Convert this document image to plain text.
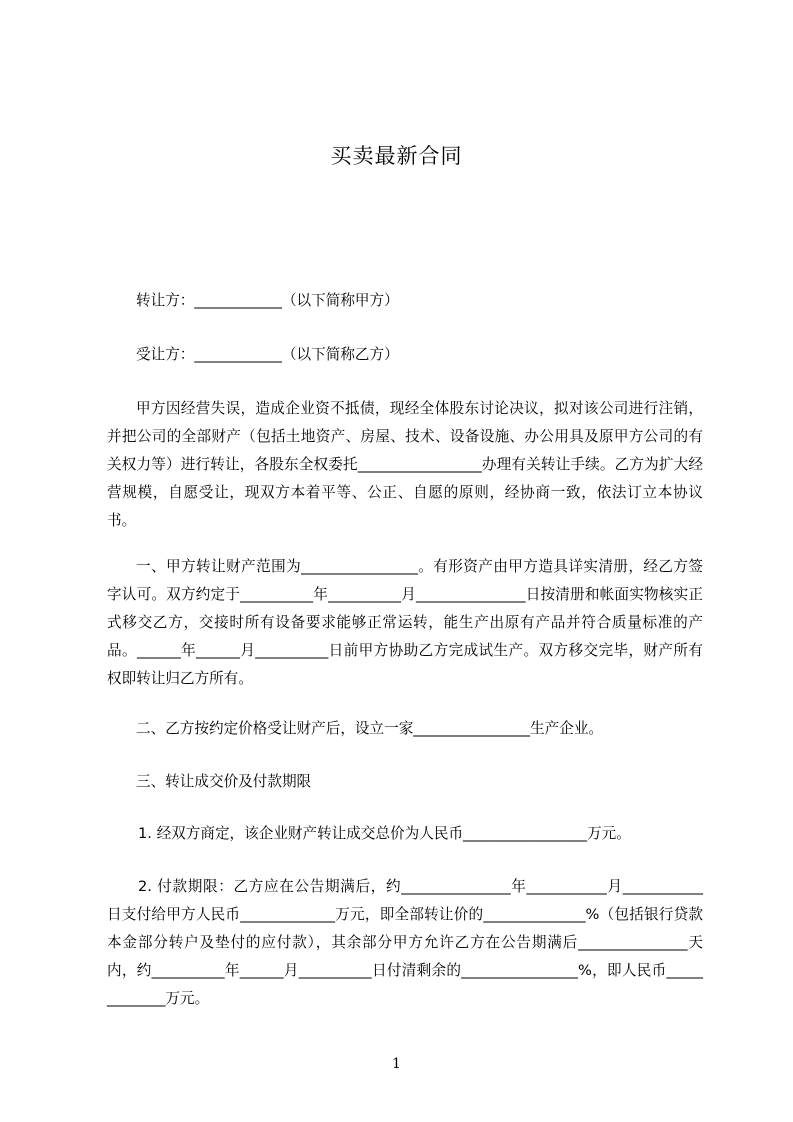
买卖最新合同

转让方：____________（以下简称甲方）

受让方：____________（以下简称乙方）

甲方因经营失误，造成企业资不抵债，现经全体股东讨论决议，拟对该公司进行注销，并把公司的全部财产（包括土地资产、房屋、技术、设备设施、办公用具及原甲方公司的有关权力等）进行转让，各股东全权委托_________________办理有关转让手续。乙方为扩大经营规模，自愿受让，现双方本着平等、公正、自愿的原则，经协商一致，依法订立本协议书。

一、甲方转让财产范围为________________。有形资产由甲方造具详实清册，经乙方签字认可。双方约定于__________年__________月_______________日按清册和帐面实物核实正式移交乙方，交接时所有设备要求能够正常运转，能生产出原有产品并符合质量标准的产品。______年______月__________日前甲方协助乙方完成试生产。双方移交完毕，财产所有权即转让归乙方所有。

二、乙方按约定价格受让财产后，设立一家________________生产企业。

三、转让成交价及付款期限

1. 经双方商定，该企业财产转让成交总价为人民币_________________万元。

2. 付款期限：乙方应在公告期满后，约_______________年___________月___________日支付给甲方人民币_____________万元，即全部转让价的______________%（包括银行贷款本金部分转户及垫付的应付款），其余部分甲方允许乙方在公告期满后_______________天内，约__________年______月__________日付清剩余的________________%，即人民币_____________万元。

1
